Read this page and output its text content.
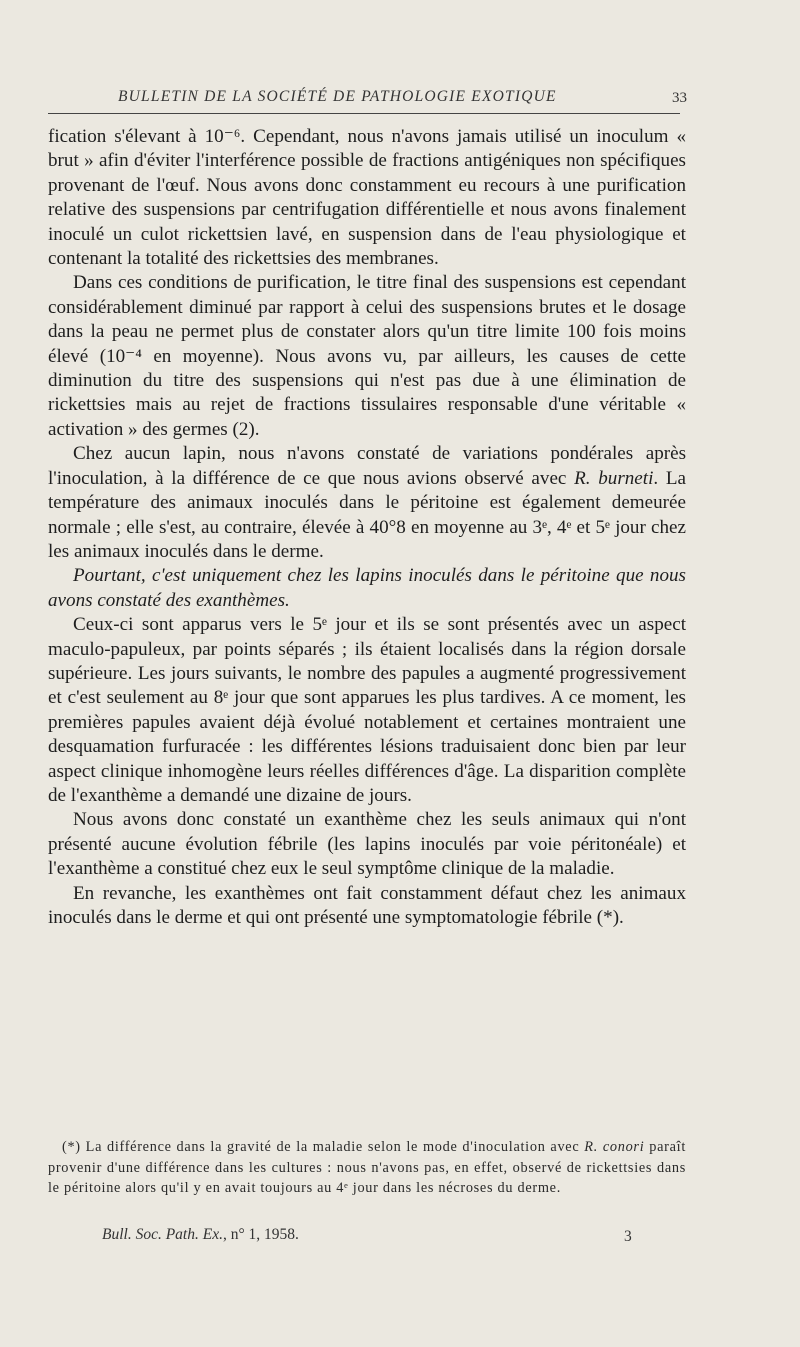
BULLETIN DE LA SOCIÉTÉ DE PATHOLOGIE EXOTIQUE	33

fication s'élevant à 10⁻⁶. Cependant, nous n'avons jamais utilisé un inoculum « brut » afin d'éviter l'interférence possible de fractions antigéniques non spécifiques provenant de l'œuf. Nous avons donc constamment eu recours à une purification relative des suspensions par centrifugation différentielle et nous avons finalement inoculé un culot rickettsien lavé, en suspension dans de l'eau physiologique et contenant la totalité des rickettsies des membranes.

Dans ces conditions de purification, le titre final des suspensions est cependant considérablement diminué par rapport à celui des suspensions brutes et le dosage dans la peau ne permet plus de constater alors qu'un titre limite 100 fois moins élevé (10⁻⁴ en moyenne). Nous avons vu, par ailleurs, les causes de cette diminution du titre des suspensions qui n'est pas due à une élimination de rickettsies mais au rejet de fractions tissulaires responsable d'une véritable « activation » des germes (2).

Chez aucun lapin, nous n'avons constaté de variations pondérales après l'inoculation, à la différence de ce que nous avions observé avec R. burneti. La température des animaux inoculés dans le péritoine est également demeurée normale ; elle s'est, au contraire, élevée à 40°8 en moyenne au 3ᵉ, 4ᵉ et 5ᵉ jour chez les animaux inoculés dans le derme.

Pourtant, c'est uniquement chez les lapins inoculés dans le péritoine que nous avons constaté des exanthèmes.

Ceux-ci sont apparus vers le 5ᵉ jour et ils se sont présentés avec un aspect maculo-papuleux, par points séparés ; ils étaient localisés dans la région dorsale supérieure. Les jours suivants, le nombre des papules a augmenté progressivement et c'est seulement au 8ᵉ jour que sont apparues les plus tardives. A ce moment, les premières papules avaient déjà évolué notablement et certaines montraient une desquamation furfuracée : les différentes lésions traduisaient donc bien par leur aspect clinique inhomogène leurs réelles différences d'âge. La disparition complète de l'exanthème a demandé une dizaine de jours.

Nous avons donc constaté un exanthème chez les seuls animaux qui n'ont présenté aucune évolution fébrile (les lapins inoculés par voie péritonéale) et l'exanthème a constitué chez eux le seul symptôme clinique de la maladie.

En revanche, les exanthèmes ont fait constamment défaut chez les animaux inoculés dans le derme et qui ont présenté une symptomatologie fébrile (*).

(*) La différence dans la gravité de la maladie selon le mode d'inoculation avec R. conori paraît provenir d'une différence dans les cultures : nous n'avons pas, en effet, observé de rickettsies dans le péritoine alors qu'il y en avait toujours au 4ᵉ jour dans les nécroses du derme.

Bull. Soc. Path. Ex., n° 1, 1958.	3
